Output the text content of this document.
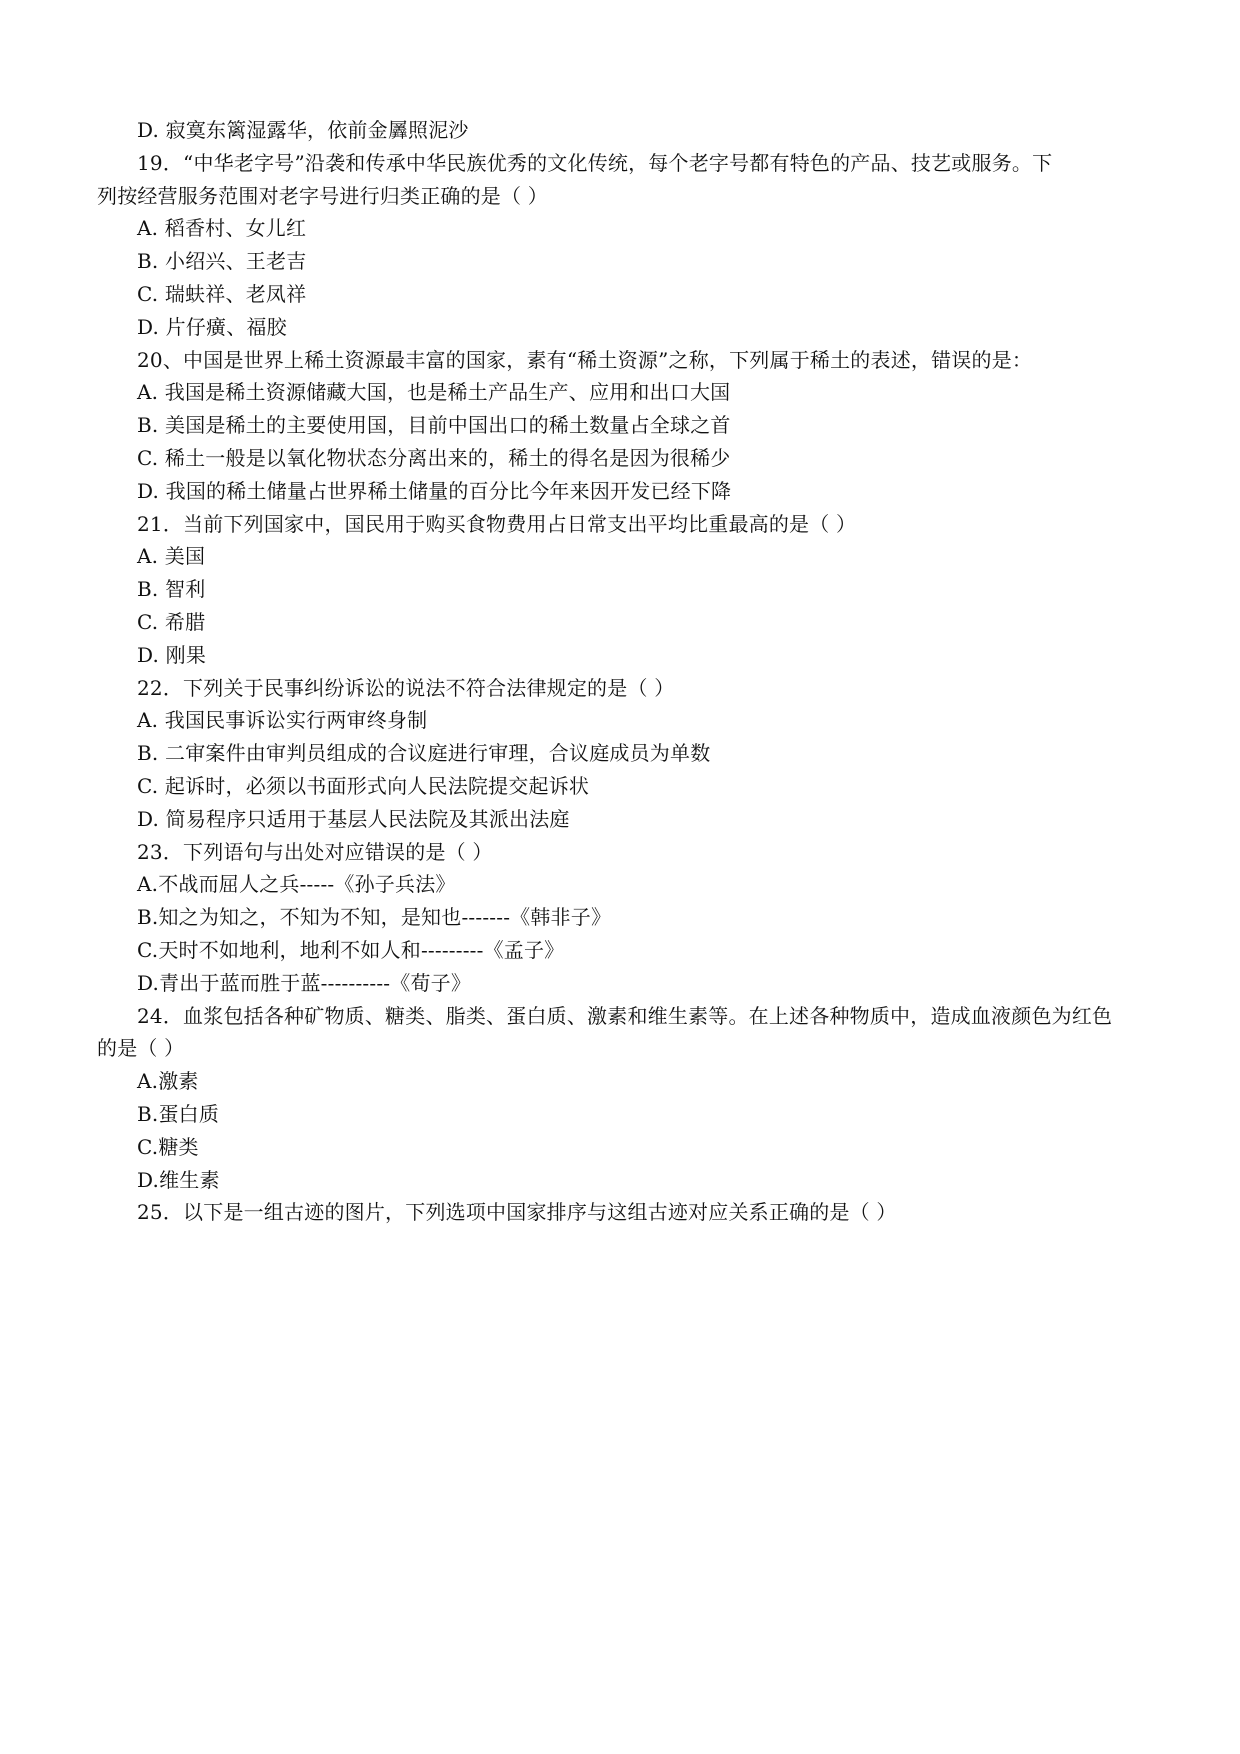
D. 寂寞东篱湿露华，依前金羼照泥沙
19．“中华老字号”沿袭和传承中华民族优秀的文化传统，每个老字号都有特色的产品、技艺或服务。下
列按经营服务范围对老字号进行归类正确的是（ ）
A. 稻香村、女儿红
B. 小绍兴、王老吉
C. 瑞蚨祥、老凤祥
D. 片仔癀、福胶
20、中国是世界上稀土资源最丰富的国家，素有“稀土资源”之称，下列属于稀土的表述，错误的是：
A. 我国是稀土资源储藏大国，也是稀土产品生产、应用和出口大国
B. 美国是稀土的主要使用国，目前中国出口的稀土数量占全球之首
C. 稀土一般是以氧化物状态分离出来的，稀土的得名是因为很稀少
D. 我国的稀土储量占世界稀土储量的百分比今年来因开发已经下降
21．当前下列国家中，国民用于购买食物费用占日常支出平均比重最高的是（ ）
A. 美国
B. 智利
C. 希腊
D. 刚果
22．下列关于民事纠纷诉讼的说法不符合法律规定的是（ ）
A. 我国民事诉讼实行两审终身制
B. 二审案件由审判员组成的合议庭进行审理，合议庭成员为单数
C. 起诉时，必须以书面形式向人民法院提交起诉状
D. 简易程序只适用于基层人民法院及其派出法庭
23．下列语句与出处对应错误的是（ ）
A.不战而屈人之兵-----《孙子兵法》
B.知之为知之，不知为不知，是知也-------《韩非子》
C.天时不如地利，地利不如人和---------《孟子》
D.青出于蓝而胜于蓝----------《荀子》
24．血浆包括各种矿物质、糖类、脂类、蛋白质、激素和维生素等。在上述各种物质中，造成血液颜色为红色
的是（ ）
A.激素
B.蛋白质
C.糖类
D.维生素
25．以下是一组古迹的图片，下列选项中国家排序与这组古迹对应关系正确的是（ ）
